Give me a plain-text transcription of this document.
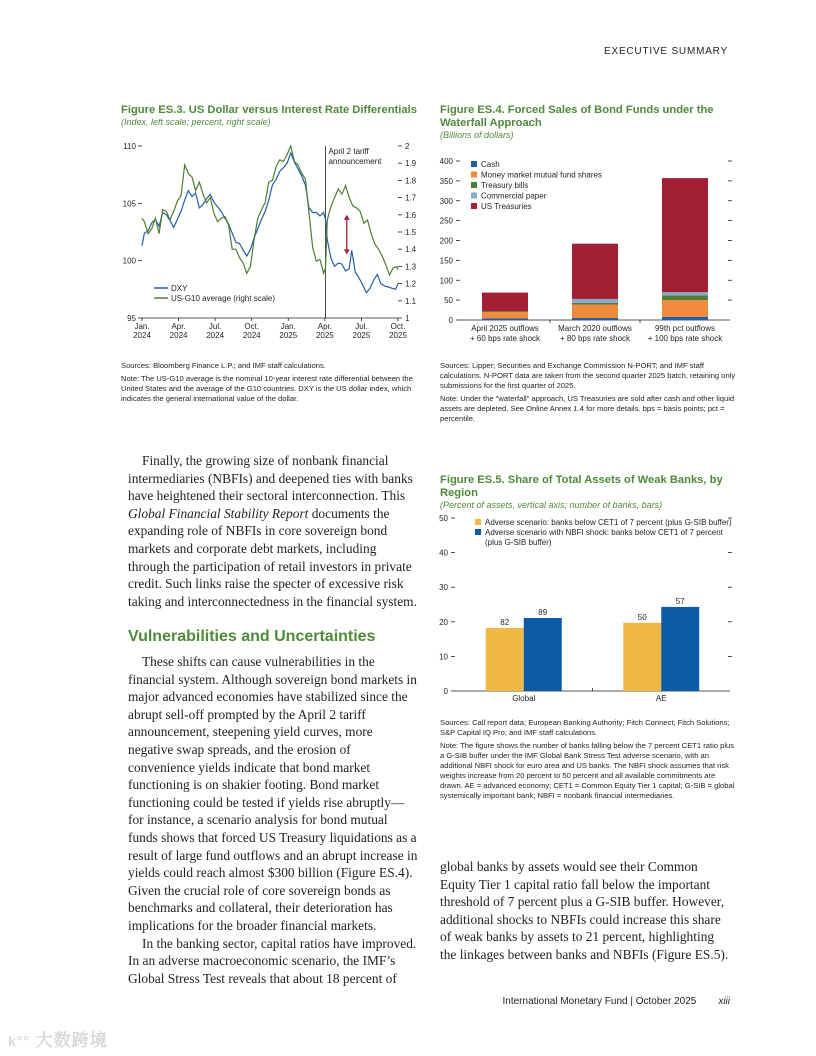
EXECUTIVE SUMMARY
Figure ES.3. US Dollar versus Interest Rate Differentials
(Index, left scale; percent, right scale)
95
100
105
110
1
1.1
1.2
1.3
1.4
1.5
1.6
1.7
1.8
1.9
2
Jan.
2024
Apr.
2024
Jul.
2024
Oct.
2024
Jan.
2025
Apr.
2025
Jul.
2025
Oct.
2025
April 2 tariff
announcement
DXY
US-G10 average (right scale)
Sources: Bloomberg Finance L.P.; and IMF staff calculations.
Note: The US-G10 average is the nominal 10-year interest rate differential between the United States and the average of the G10 countries. DXY is the US dollar index, which indicates the general international value of the dollar.
Figure ES.4. Forced Sales of Bond Funds under the Waterfall Approach
(Billions of dollars)
0
50
100
150
200
250
300
350
400
April 2025 outflows
+ 60 bps rate shock
March 2020 outflows
+ 80 bps rate shock
99th pct outflows
+ 100 bps rate shock
Cash
Money market mutual fund shares
Treasury bills
Commercial paper
US Treasuries
Sources: Lipper; Securities and Exchange Commission N-PORT; and IMF staff calculations. N-PORT data are taken from the second quarter 2025 batch, retaining only submissions for the first quarter of 2025.
Note: Under the "waterfall" approach, US Treasuries are sold after cash and other liquid assets are depleted. See Online Annex 1.4 for more details. bps = basis points; pct = percentile.

Finally, the growing size of nonbank financial intermediaries (NBFIs) and deepened ties with banks have heightened their sectoral interconnection. This Global Financial Stability Report documents the expanding role of NBFIs in core sovereign bond markets and corporate debt markets, including through the participation of retail investors in private credit. Such links raise the specter of excessive risk taking and interconnectedness in the financial system.

Vulnerabilities and Uncertainties

These shifts can cause vulnerabilities in the financial system. Although sovereign bond markets in major advanced economies have stabilized since the abrupt sell-off prompted by the April 2 tariff announcement, steepening yield curves, more negative swap spreads, and the erosion of convenience yields indicate that bond market functioning is on shakier footing. Bond market functioning could be tested if yields rise abruptly—for instance, a scenario analysis for bond mutual funds shows that forced US Treasury liquidations as a result of large fund outflows and an abrupt increase in yields could reach almost $300 billion (Figure ES.4). Given the crucial role of core sovereign bonds as benchmarks and collateral, their deterioration has implications for the broader financial markets.

In the banking sector, capital ratios have improved. In an adverse macroeconomic scenario, the IMF’s Global Stress Test reveals that about 18 percent of

Figure ES.5. Share of Total Assets of Weak Banks, by Region
(Percent of assets, vertical axis; number of banks, bars)
0
10
20
30
40
50
82
89
Global
50
57
AE
Adverse scenario: banks below CET1 of 7 percent (plus G-SIB buffer)
Adverse scenario with NBFI shock: banks below CET1 of 7 percent
(plus G-SIB buffer)
Sources: Call report data; European Banking Authority; Fitch Connect; Fitch Solutions; S&P Capital IQ Pro; and IMF staff calculations.
Note: The figure shows the number of banks falling below the 7 percent CET1 ratio plus a G-SIB buffer under the IMF Global Bank Stress Test adverse scenario, with an additional NBFI shock for euro area and US banks. The NBFI shock assumes that risk weights increase from 20 percent to 50 percent and all available commitments are drawn. AE = advanced economy; CET1 = Common Equity Tier 1 capital; G-SIB = global systemically important bank; NBFI = nonbank financial intermediaries.

global banks by assets would see their Common Equity Tier 1 capital ratio fall below the important threshold of 7 percent plus a G-SIB buffer. However, additional shocks to NBFIs could increase this share of weak banks by assets to 21 percent, highlighting the linkages between banks and NBFIs (Figure ES.5).

International Monetary Fund | October 2025 xiii
k°° 大数跨境
